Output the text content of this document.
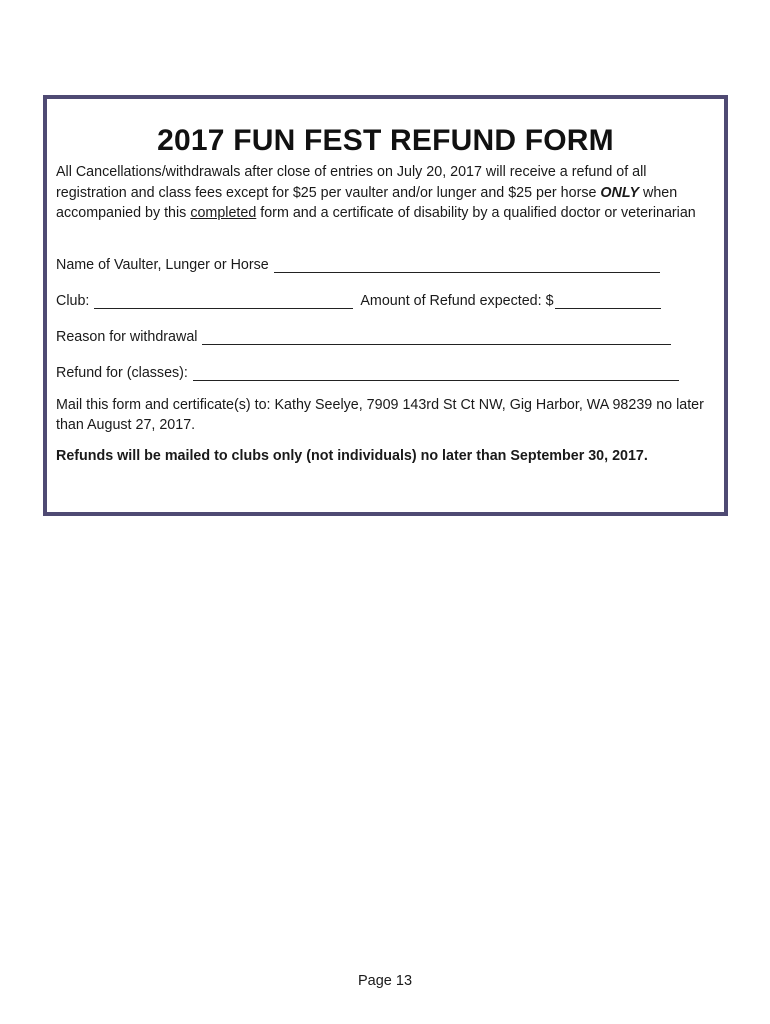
2017 FUN FEST REFUND FORM
All Cancellations/withdrawals after close of entries on July 20, 2017 will receive a refund of all registration and class fees except for $25 per vaulter and/or lunger and $25 per horse ONLY when accompanied by this completed form and a certificate of disability by a qualified doctor or veterinarian
Name of Vaulter, Lunger or Horse
Club:	Amount of Refund expected: $
Reason for withdrawal
Refund for (classes):
Mail this form and certificate(s) to: Kathy Seelye, 7909 143rd St Ct NW, Gig Harbor, WA 98239 no later than August 27, 2017.
Refunds will be mailed to clubs only (not individuals) no later than September 30, 2017.
Page 13
